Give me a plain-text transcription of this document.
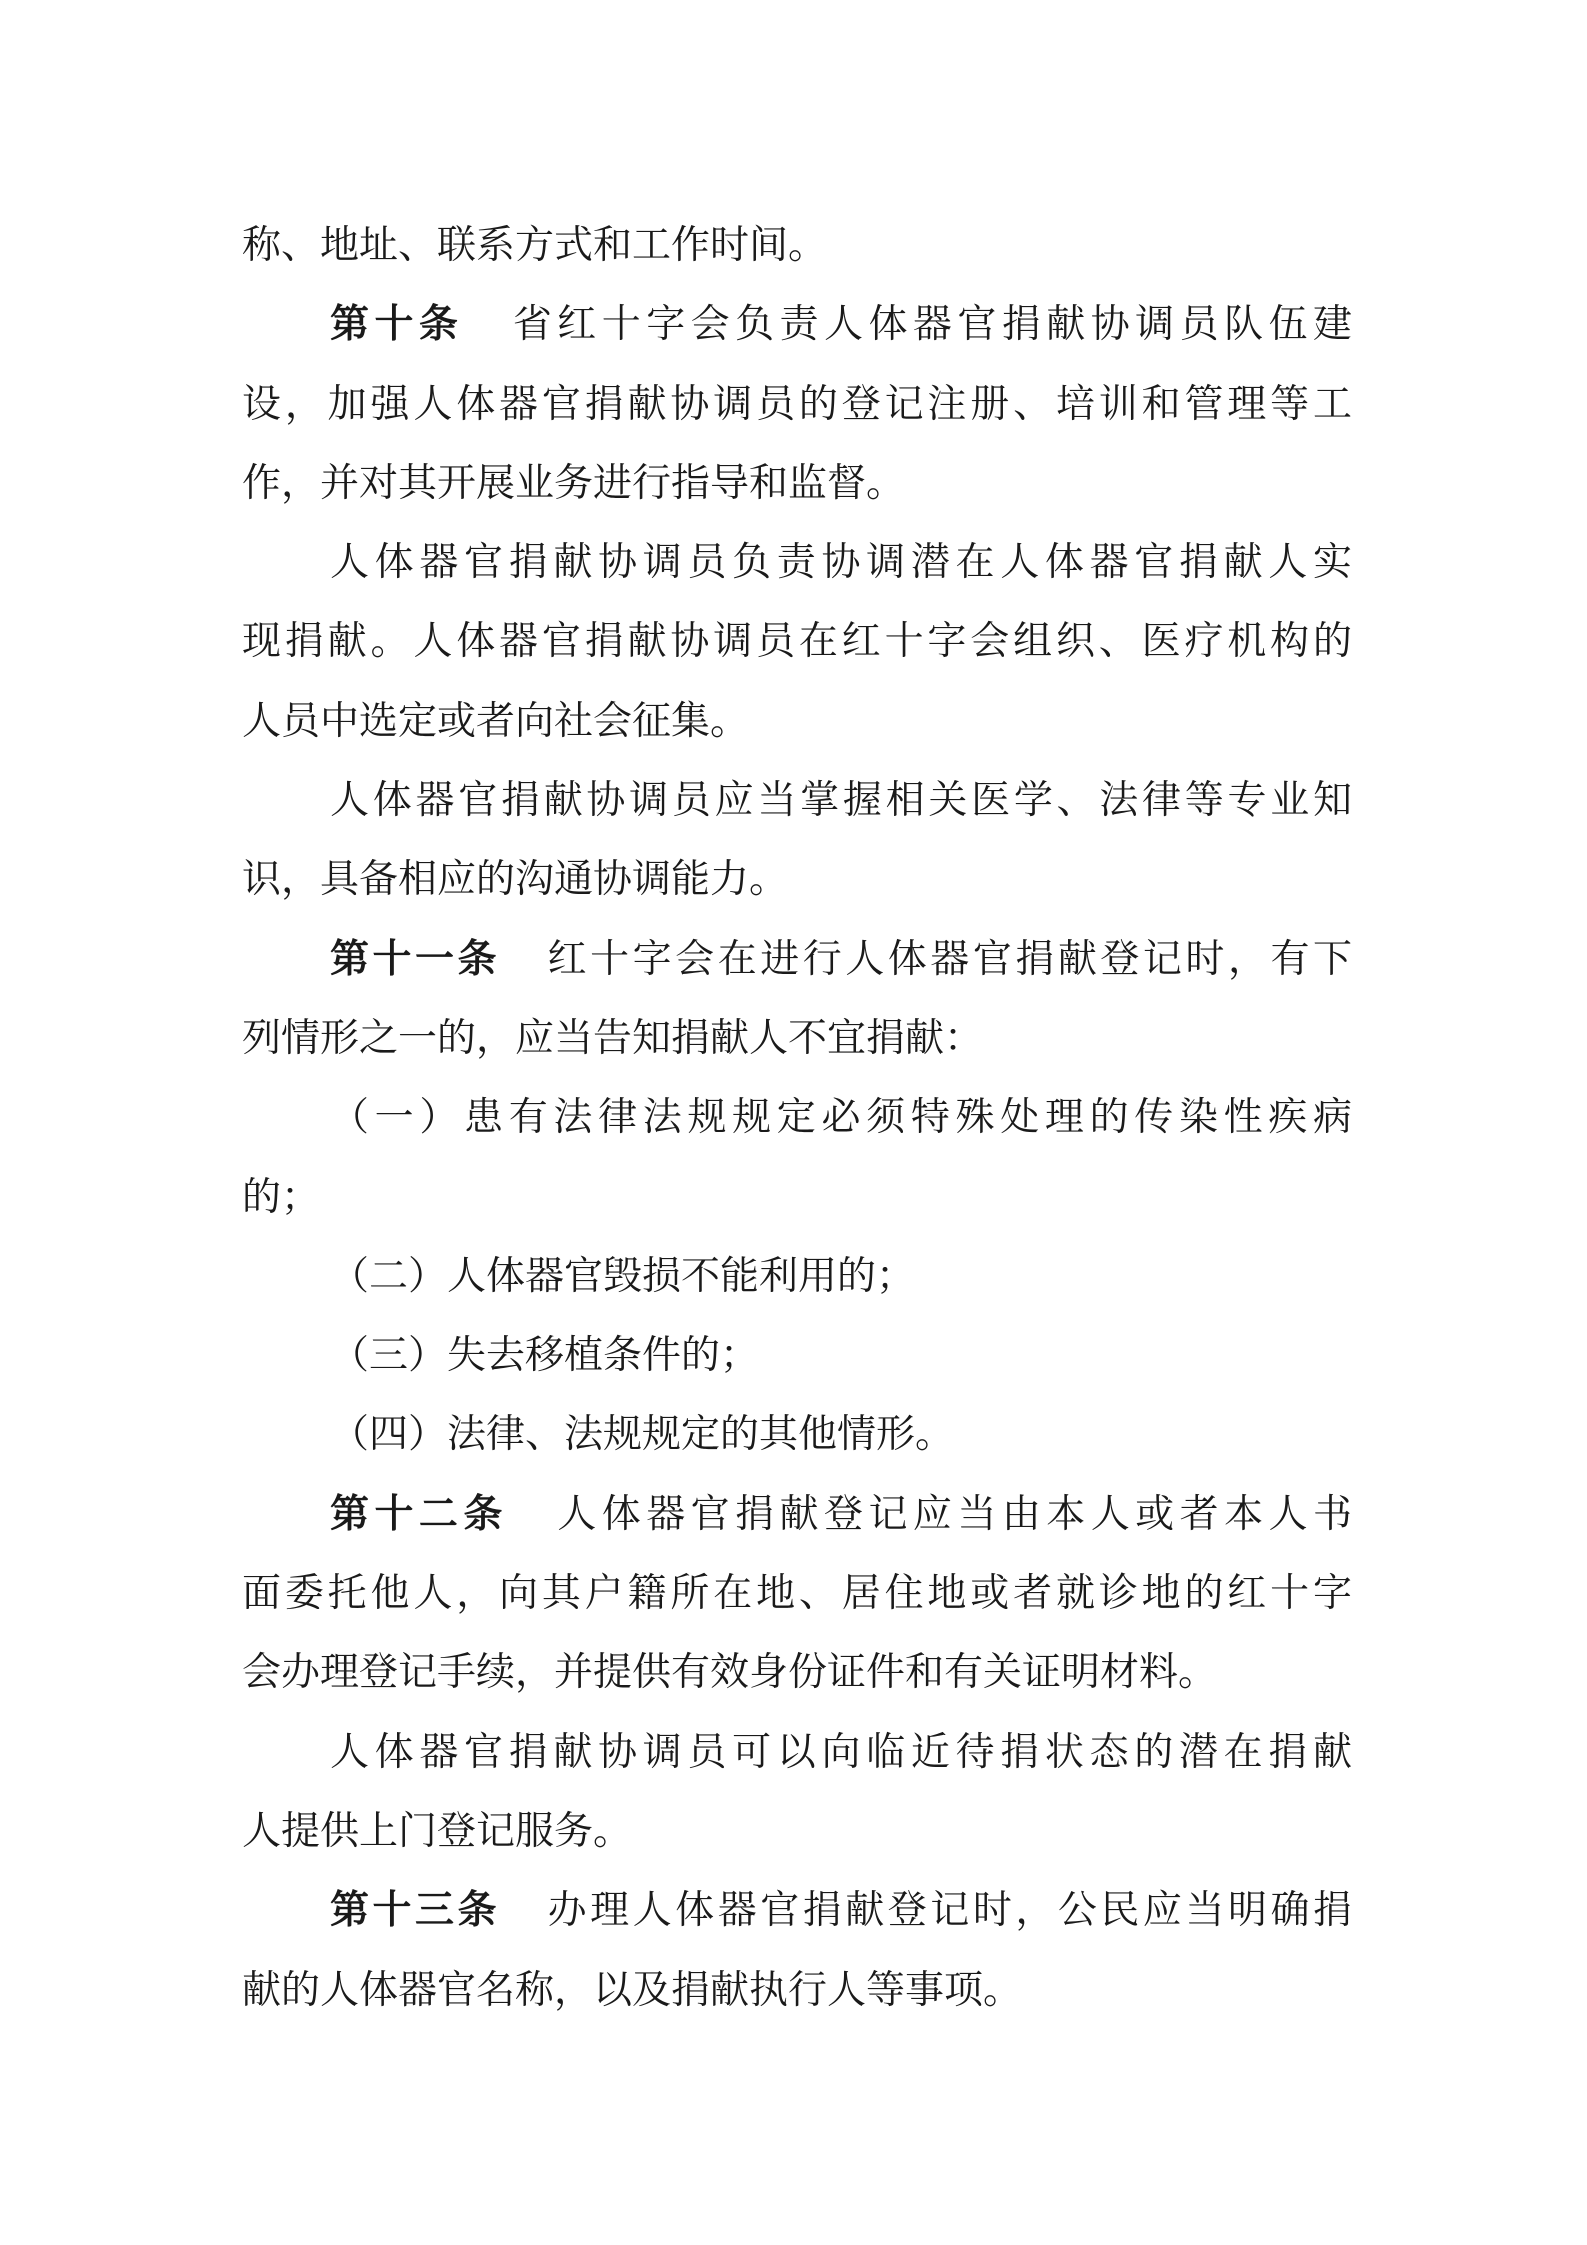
称、地址、联系方式和工作时间。
第十条 省红十字会负责人体器官捐献协调员队伍建
设，加强人体器官捐献协调员的登记注册、培训和管理等工
作，并对其开展业务进行指导和监督。
人体器官捐献协调员负责协调潜在人体器官捐献人实
现捐献。人体器官捐献协调员在红十字会组织、医疗机构的
人员中选定或者向社会征集。
人体器官捐献协调员应当掌握相关医学、法律等专业知
识，具备相应的沟通协调能力。
第十一条 红十字会在进行人体器官捐献登记时，有下
列情形之一的，应当告知捐献人不宜捐献：
（一）患有法律法规规定必须特殊处理的传染性疾病
的；
（二）人体器官毁损不能利用的；
（三）失去移植条件的；
（四）法律、法规规定的其他情形。
第十二条 人体器官捐献登记应当由本人或者本人书
面委托他人，向其户籍所在地、居住地或者就诊地的红十字
会办理登记手续，并提供有效身份证件和有关证明材料。
人体器官捐献协调员可以向临近待捐状态的潜在捐献
人提供上门登记服务。
第十三条 办理人体器官捐献登记时，公民应当明确捐
献的人体器官名称，以及捐献执行人等事项。
